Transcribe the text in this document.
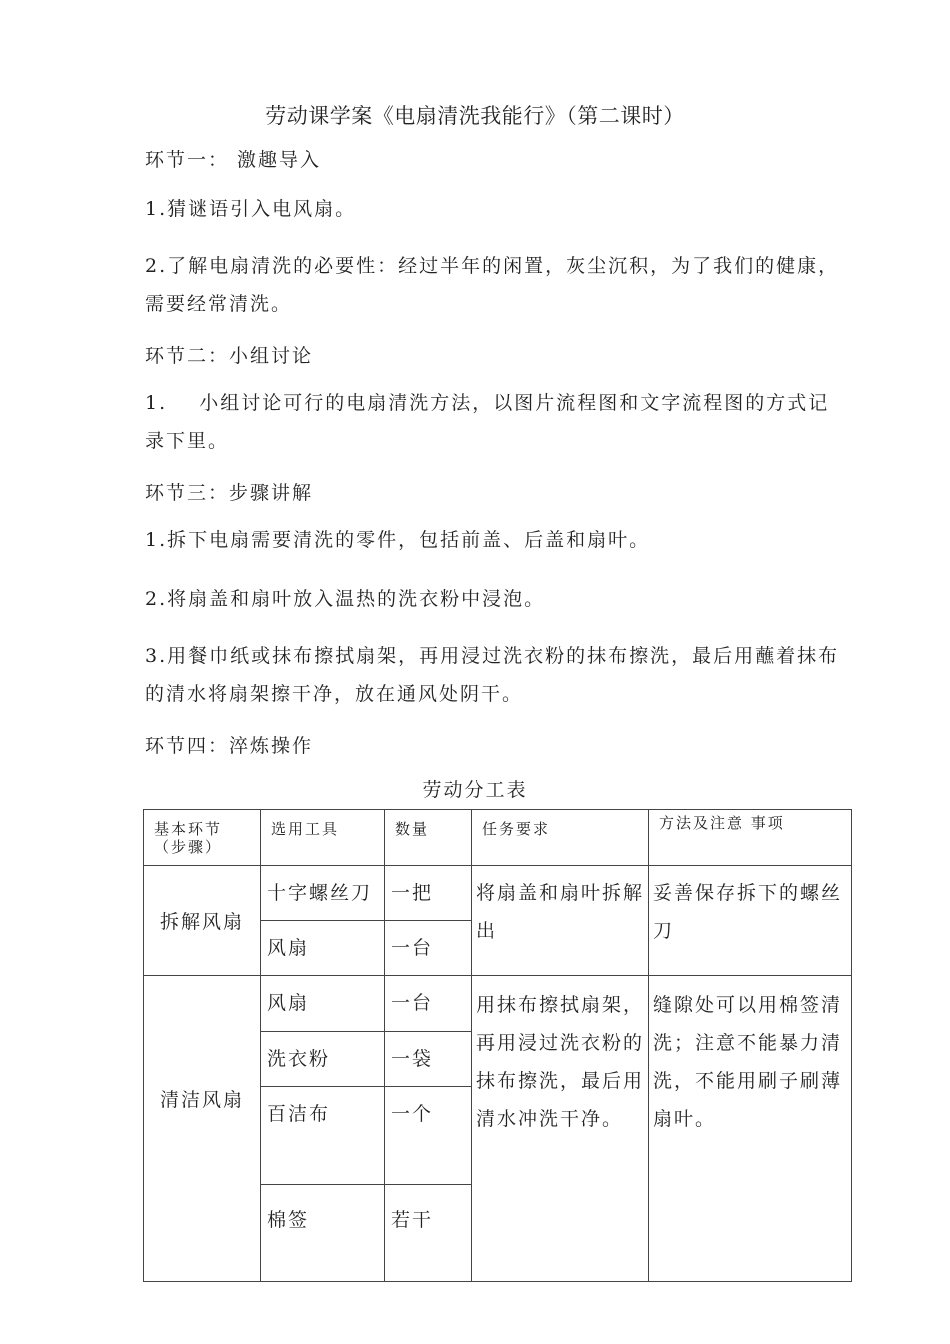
劳动课学案《电扇清洗我能行》（第二课时）
环节一： 激趣导入
1.猜谜语引入电风扇。
2.了解电扇清洗的必要性：经过半年的闲置，灰尘沉积，为了我们的健康，需要经常清洗。
环节二：小组讨论
1.    小组讨论可行的电扇清洗方法，以图片流程图和文字流程图的方式记录下里。
环节三：步骤讲解
1.拆下电扇需要清洗的零件，包括前盖、后盖和扇叶。
2.将扇盖和扇叶放入温热的洗衣粉中浸泡。
3.用餐巾纸或抹布擦拭扇架，再用浸过洗衣粉的抹布擦洗，最后用蘸着抹布的清水将扇架擦干净，放在通风处阴干。
环节四：淬炼操作
劳动分工表
基本环节（步骤）	选用工具	数量	任务要求	方法及注意 事项
拆解风扇	十字螺丝刀	一把	将扇盖和扇叶拆解出	妥善保存拆下的螺丝刀
	风扇	一台		
清洁风扇	风扇	一台	用抹布擦拭扇架，再用浸过洗衣粉的抹布擦洗，最后用清水冲洗干净。	缝隙处可以用棉签清洗；注意不能暴力清洗，不能用刷子刷薄扇叶。
	洗衣粉	一袋		
	百洁布	一个		
	棉签	若干		
